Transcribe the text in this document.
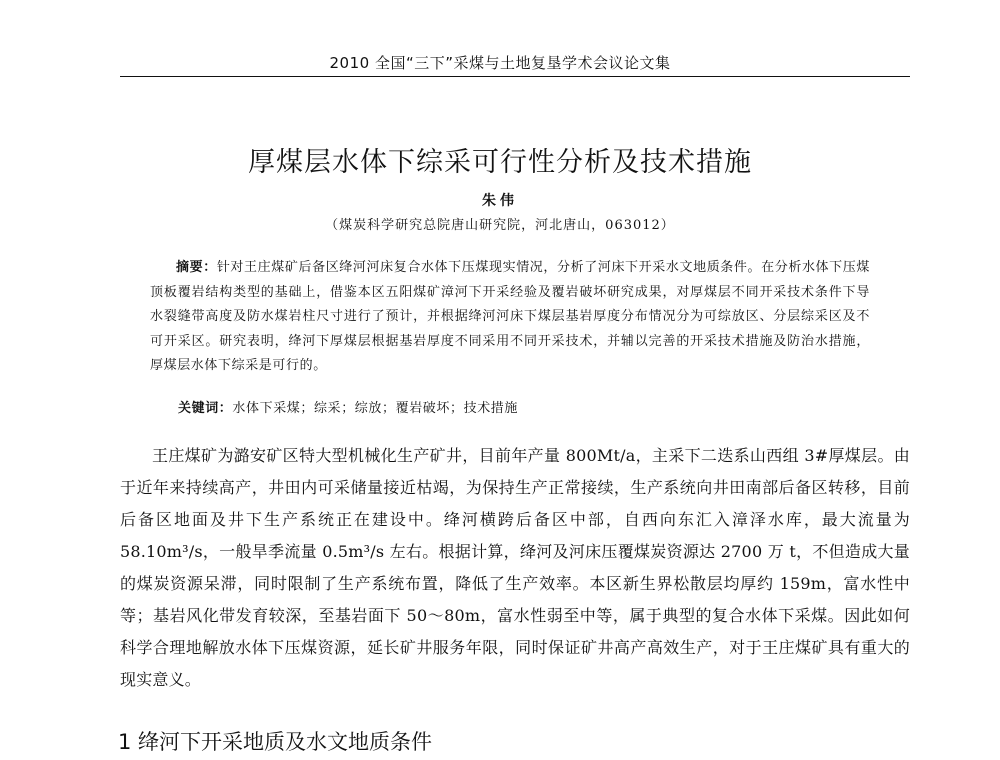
2010 全国“三下”采煤与土地复垦学术会议论文集
厚煤层水体下综采可行性分析及技术措施
朱伟
（煤炭科学研究总院唐山研究院，河北唐山，063012）
摘要：针对王庄煤矿后备区绛河河床复合水体下压煤现实情况，分析了河床下开采水文地质条件。在分析水体下压煤顶板覆岩结构类型的基础上，借鉴本区五阳煤矿漳河下开采经验及覆岩破坏研究成果，对厚煤层不同开采技术条件下导水裂缝带高度及防水煤岩柱尺寸进行了预计，并根据绛河河床下煤层基岩厚度分布情况分为可综放区、分层综采区及不可开采区。研究表明，绛河下厚煤层根据基岩厚度不同采用不同开采技术，并辅以完善的开采技术措施及防治水措施，厚煤层水体下综采是可行的。
关键词：水体下采煤；综采；综放；覆岩破坏；技术措施
王庄煤矿为潞安矿区特大型机械化生产矿井，目前年产量 800Mt/a，主采下二迭系山西组 3#厚煤层。由于近年来持续高产，井田内可采储量接近枯竭，为保持生产正常接续，生产系统向井田南部后备区转移，目前后备区地面及井下生产系统正在建设中。绛河横跨后备区中部，自西向东汇入漳泽水库，最大流量为 58.10m³/s，一般旱季流量 0.5m³/s 左右。根据计算，绛河及河床压覆煤炭资源达 2700 万 t，不但造成大量的煤炭资源呆滞，同时限制了生产系统布置，降低了生产效率。本区新生界松散层均厚约 159m，富水性中等；基岩风化带发育较深，至基岩面下 50～80m，富水性弱至中等，属于典型的复合水体下采煤。因此如何科学合理地解放水体下压煤资源，延长矿井服务年限，同时保证矿井高产高效生产，对于王庄煤矿具有重大的现实意义。
1 绛河下开采地质及水文地质条件
